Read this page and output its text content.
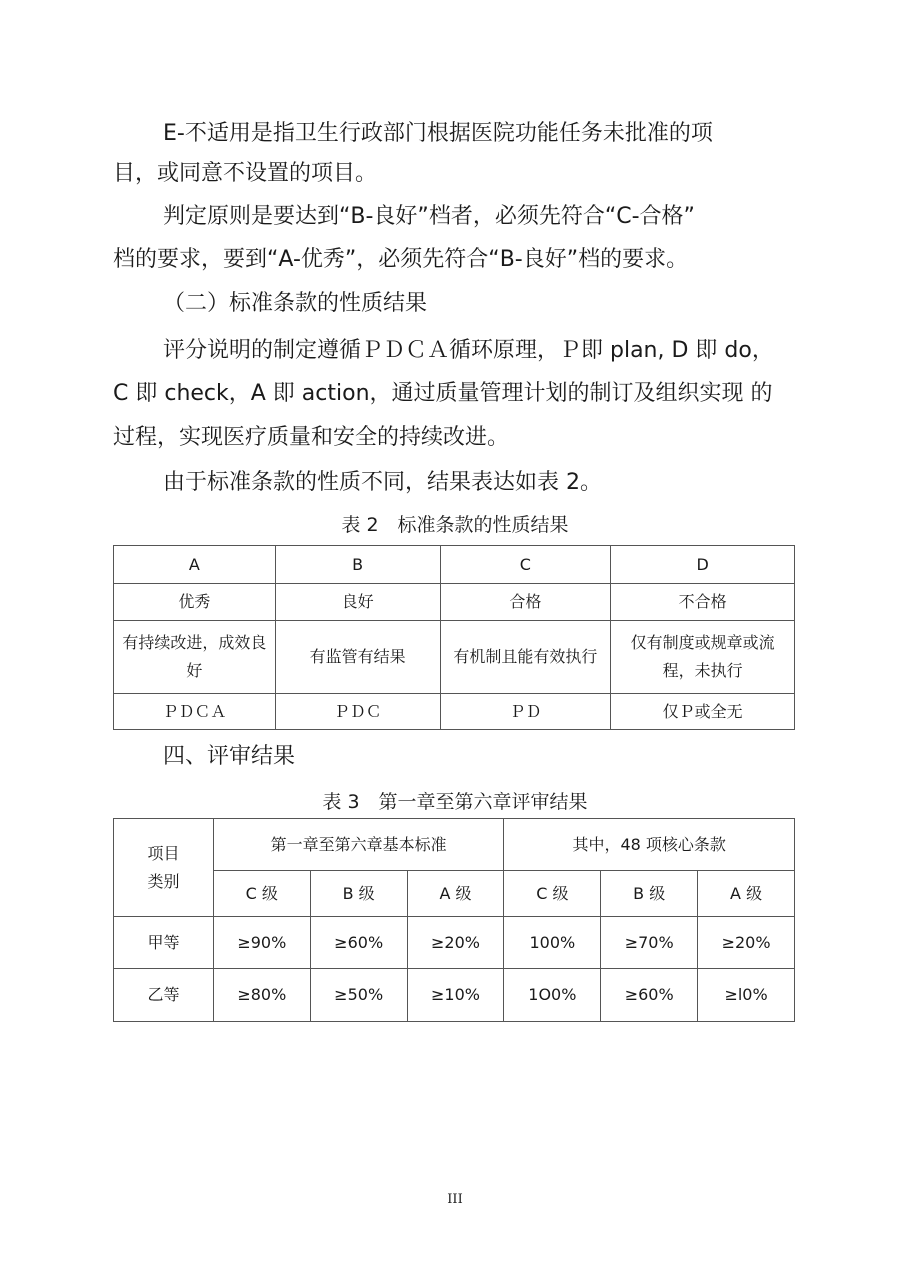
E-不适用是指卫生行政部门根据医院功能任务未批准的项

目，或同意不设置的项目。

判定原则是要达到“B-良好”档者，必须先符合“C-合格”

档的要求，要到“A-优秀”，必须先符合“B-良好”档的要求。

（二）标准条款的性质结果

评分说明的制定遵循ＰＤＣＡ循环原理，Ｐ即 plan, D 即 do，

C 即 check，A 即 action，通过质量管理计划的制订及组织实现 的

过程，实现医疗质量和安全的持续改进。

由于标准条款的性质不同，结果表达如表 2。

表 2　标准条款的性质结果
A	B	C	D
优秀	良好	合格	不合格
有持续改进，成效良好	有监管有结果	有机制且能有效执行	仅有制度或规章或流程，未执行
ＰＤＣＡ	ＰＤＣ	ＰＤ	仅Ｐ或全无

四、评审结果

表 3　第一章至第六章评审结果
项目类别	第一章至第六章基本标准			其中，48 项核心条款		
	C 级	B 级	A 级	C 级	B 级	A 级
甲等	≥90%	≥60%	≥20%	100%	≥70%	≥20%
乙等	≥80%	≥50%	≥10%	1O0%	≥60%	≥l0%
III
